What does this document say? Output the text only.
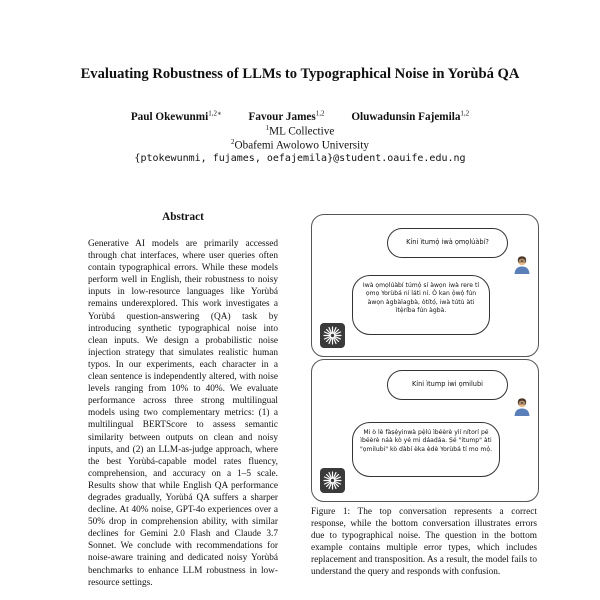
Evaluating Robustness of LLMs to Typographical Noise in Yorùbá QA
Paul Okewunmi$^{1,2∗}$ Favour James$^{1,2}$ Oluwadunsin Fajemila$^{1,2}$
$^1$ML Collective
$^2$Obafemi Awolowo University
{ptokewunmi, fujames, oefajemila}@student.oauife.edu.ng
Abstract
Generative AI models are primarily accessed through chat interfaces, where user queries often contain typographical errors. While these models perform well in English, their robustness to noisy inputs in low-resource languages like Yorùbá remains underexplored. This work investigates a Yorùbá question-answering (QA) task by introducing synthetic typographical noise into clean inputs. We design a probabilistic noise injection strategy that simulates realistic human typos. In our experiments, each character in a clean sentence is independently altered, with noise levels ranging from 10% to 40%. We evaluate performance across three strong multilingual models using two complementary metrics: (1) a multilingual BERTScore to assess semantic similarity between outputs on clean and noisy inputs, and (2) an LLM-as-judge approach, where the best Yorùbá-capable model rates fluency, comprehension, and accuracy on a 1–5 scale. Results show that while English QA performance degrades gradually, Yorùbá QA suffers a sharper decline. At 40% noise, GPT-4o experiences over a 50% drop in comprehension ability, with similar declines for Gemini 2.0 Flash and Claude 3.7 Sonnet. We conclude with recommendations for noise-aware training and dedicated noisy Yorùbá benchmarks to enhance LLM robustness in low-resource settings.
Kíni ìtumọ̀ iwà ọmọlúàbí?
Iwà ọmọlúàbí túmọ̀ sí àwọn iwà rere tí ọmọ Yorùbá ní láti ní. Ó kan ọ̀wọ̀ fún àwọn àgbàlagbà, òtítọ́, iwà tútù àti ìtẹ̀ríba fún àgbà.
Kíni ìtump iwi ọmilubi
Mi ò lè fàṣẹ̀yinwà pẹ̀lú ìbéèrè yìí nítorí pé ìbéèrè náà kò yé mi dáadáa. Ṣé "itump" àti "ọmilubi" kò dàbí èka èdè Yorùbá tí mo mọ̀.
Figure 1: The top conversation represents a correct response, while the bottom conversation illustrates errors due to typographical noise. The question in the bottom example contains multiple error types, which includes replacement and transposition. As a result, the model fails to understand the query and responds with confusion.
